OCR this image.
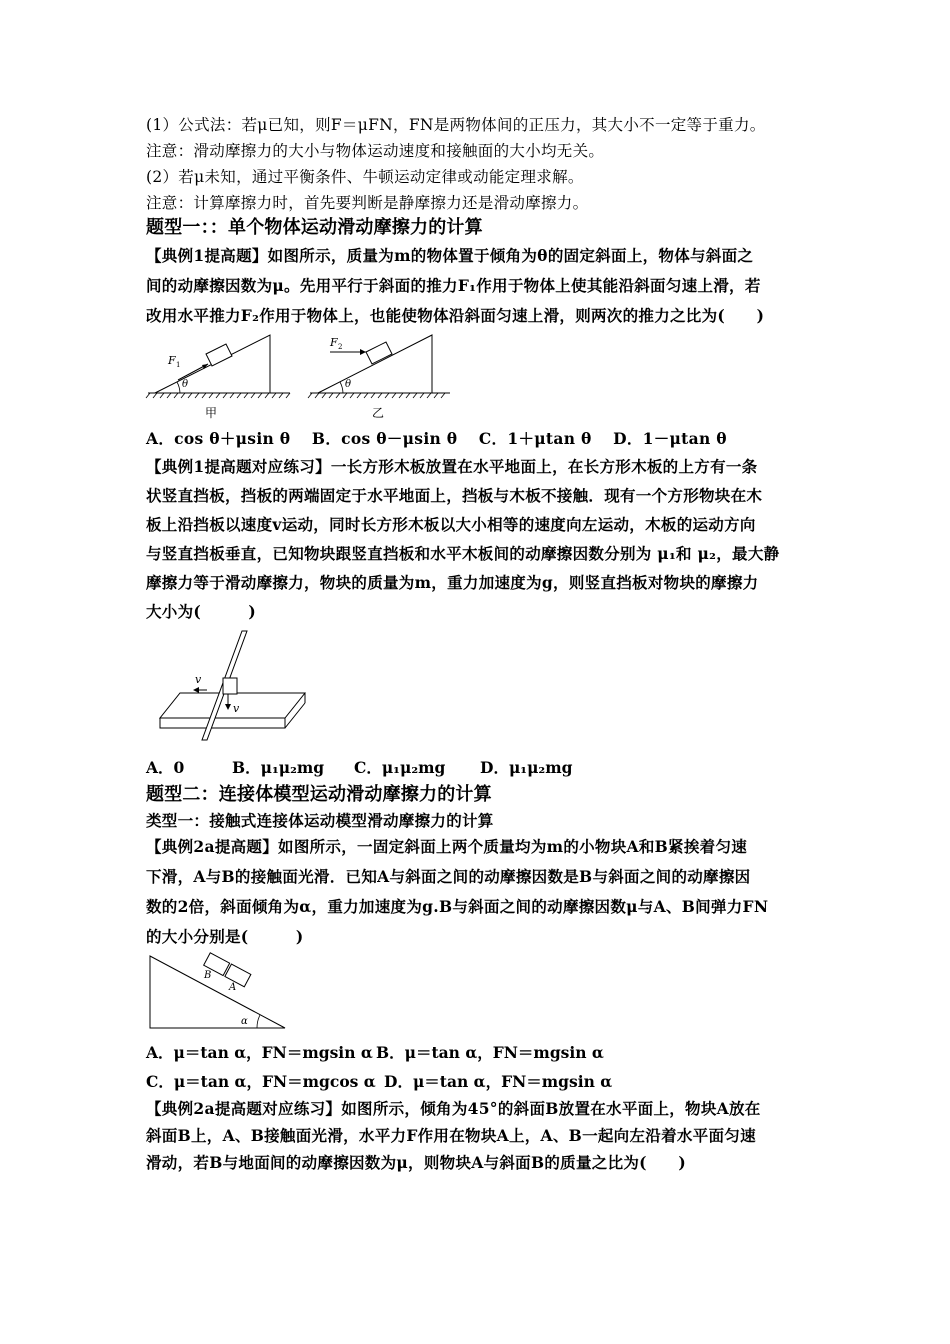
(1）公式法：若μ已知，则F＝μFN，FN是两物体间的正压力，其大小不一定等于重力。
注意：滑动摩擦力的大小与物体运动速度和接触面的大小均无关。
(2）若μ未知，通过平衡条件、牛顿运动定律或动能定理求解。
注意：计算摩擦力时，首先要判断是静摩擦力还是滑动摩擦力。
题型一：：单个物体运动滑动摩擦力的计算
【典例1提高题】如图所示，质量为m的物体置于倾角为θ的固定斜面上，物体与斜面之
间的动摩擦因数为μ。先用平行于斜面的推力F₁作用于物体上使其能沿斜面匀速上滑，若
改用水平推力F₂作用于物体上，也能使物体沿斜面匀速上滑，则两次的推力之比为(　　)
θ
F 1
甲
θ
F 2
乙
A．cos θ＋μsin θ　 B．cos θ－μsin θ　 C．1＋μtan θ　 D．1－μtan θ
【典例1提高题对应练习】一长方形木板放置在水平地面上，在长方形木板的上方有一条
状竖直挡板，挡板的两端固定于水平地面上，挡板与木板不接触．现有一个方形物块在木
板上沿挡板以速度v运动，同时长方形木板以大小相等的速度向左运动，木板的运动方向
与竖直挡板垂直，已知物块跟竖直挡板和水平木板间的动摩擦因数分别为 μ₁和 μ₂，最大静
摩擦力等于滑动摩擦力，物块的质量为m，重力加速度为g，则竖直挡板对物块的摩擦力
大小为(　　　)
v
v
A．0	B．μ₁μ₂mg C．μ₁μ₂mg D．μ₁μ₂mg
题型二：连接体模型运动滑动摩擦力的计算
类型一：接触式连接体运动模型滑动摩擦力的计算
【典例2a提高题】如图所示，一固定斜面上两个质量均为m的小物块A和B紧挨着匀速
下滑，A与B的接触面光滑．已知A与斜面之间的动摩擦因数是B与斜面之间的动摩擦因
数的2倍，斜面倾角为α，重力加速度为g.B与斜面之间的动摩擦因数μ与A、B间弹力FN
的大小分别是(　　　)
B
A
α
A．μ＝tan α，FN＝mgsin α B．μ＝tan α，FN＝mgsin α
C．μ＝tan α，FN＝mgcos α D．μ＝tan α，FN＝mgsin α
【典例2a提高题对应练习】如图所示，倾角为45°的斜面B放置在水平面上，物块A放在
斜面B上，A、B接触面光滑，水平力F作用在物块A上，A、B一起向左沿着水平面匀速
滑动，若B与地面间的动摩擦因数为μ，则物块A与斜面B的质量之比为(　　)
